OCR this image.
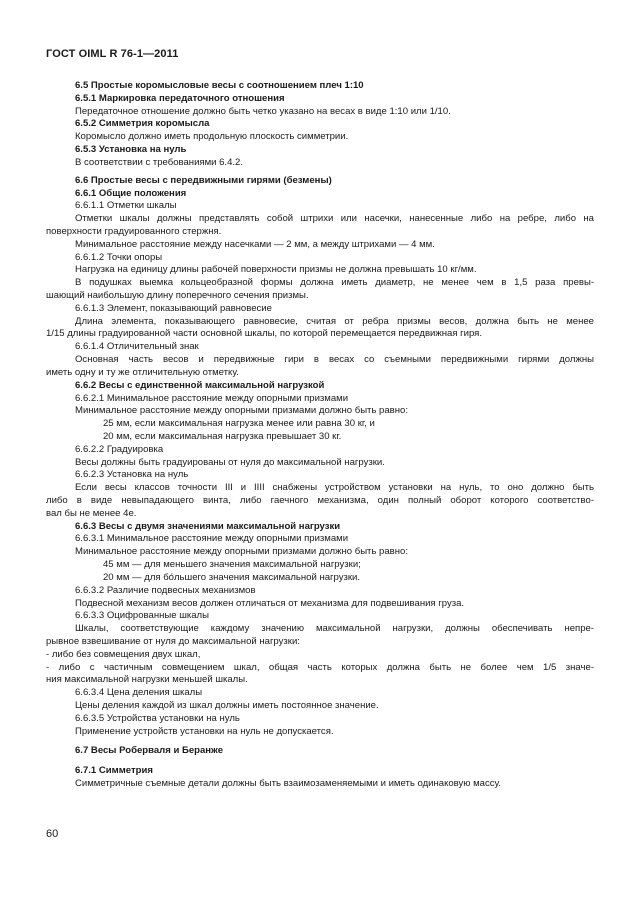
ГОСТ OIML R 76-1—2011
6.5 Простые коромысловые весы с соотношением плеч 1:10
6.5.1 Маркировка передаточного отношения
Передаточное отношение должно быть четко указано на весах в виде 1:10 или 1/10.
6.5.2 Симметрия коромысла
Коромысло должно иметь продольную плоскость симметрии.
6.5.3 Установка на нуль
В соответствии с требованиями 6.4.2.
6.6 Простые весы с передвижными гирями (безмены)
6.6.1 Общие положения
6.6.1.1 Отметки шкалы
Отметки шкалы должны представлять собой штрихи или насечки, нанесенные либо на ребре, либо на
поверхности градуированного стержня.
Минимальное расстояние между насечками — 2 мм, а между штрихами — 4 мм.
6.6.1.2 Точки опоры
Нагрузка на единицу длины рабочей поверхности призмы не должна превышать 10 кг/мм.
В подушках выемка кольцеобразной формы должна иметь диаметр, не менее чем в 1,5 раза превы-
шающий наибольшую длину поперечного сечения призмы.
6.6.1.3 Элемент, показывающий равновесие
Длина элемента, показывающего равновесие, считая от ребра призмы весов, должна быть не менее
1/15 длины градуированной части основной шкалы, по которой перемещается передвижная гиря.
6.6.1.4 Отличительный знак
Основная часть весов и передвижные гири в весах со съемными передвижными гирями должны
иметь одну и ту же отличительную отметку.
6.6.2 Весы с единственной максимальной нагрузкой
6.6.2.1 Минимальное расстояние между опорными призмами
Минимальное расстояние между опорными призмами должно быть равно:
25 мм, если максимальная нагрузка менее или равна 30 кг, и
20 мм, если максимальная нагрузка превышает 30 кг.
6.6.2.2 Градуировка
Весы должны быть градуированы от нуля до максимальной нагрузки.
6.6.2.3 Установка на нуль
Если весы классов точности III и IIII снабжены устройством установки на нуль, то оно должно быть
либо в виде невыпадающего винта, либо гаечного механизма, один полный оборот которого соответство-
вал бы не менее 4e.
6.6.3 Весы с двумя значениями максимальной нагрузки
6.6.3.1 Минимальное расстояние между опорными призмами
Минимальное расстояние между опорными призмами должно быть равно:
45 мм — для меньшего значения максимальной нагрузки;
20 мм — для бóльшего значения максимальной нагрузки.
6.6.3.2 Различие подвесных механизмов
Подвесной механизм весов должен отличаться от механизма для подвешивания груза.
6.6.3.3 Оцифрованные шкалы
Шкалы, соответствующие каждому значению максимальной нагрузки, должны обеспечивать непре-
рывное взвешивание от нуля до максимальной нагрузки:
- либо без совмещения двух шкал,
- либо с частичным совмещением шкал, общая часть которых должна быть не более чем 1/5 значе-
ния максимальной нагрузки меньшей шкалы.
6.6.3.4 Цена деления шкалы
Цены деления каждой из шкал должны иметь постоянное значение.
6.6.3.5 Устройства установки на нуль
Применение устройств установки на нуль не допускается.
6.7 Весы Роберваля и Беранже
6.7.1 Симметрия
Симметричные съемные детали должны быть взаимозаменяемыми и иметь одинаковую массу.
60
